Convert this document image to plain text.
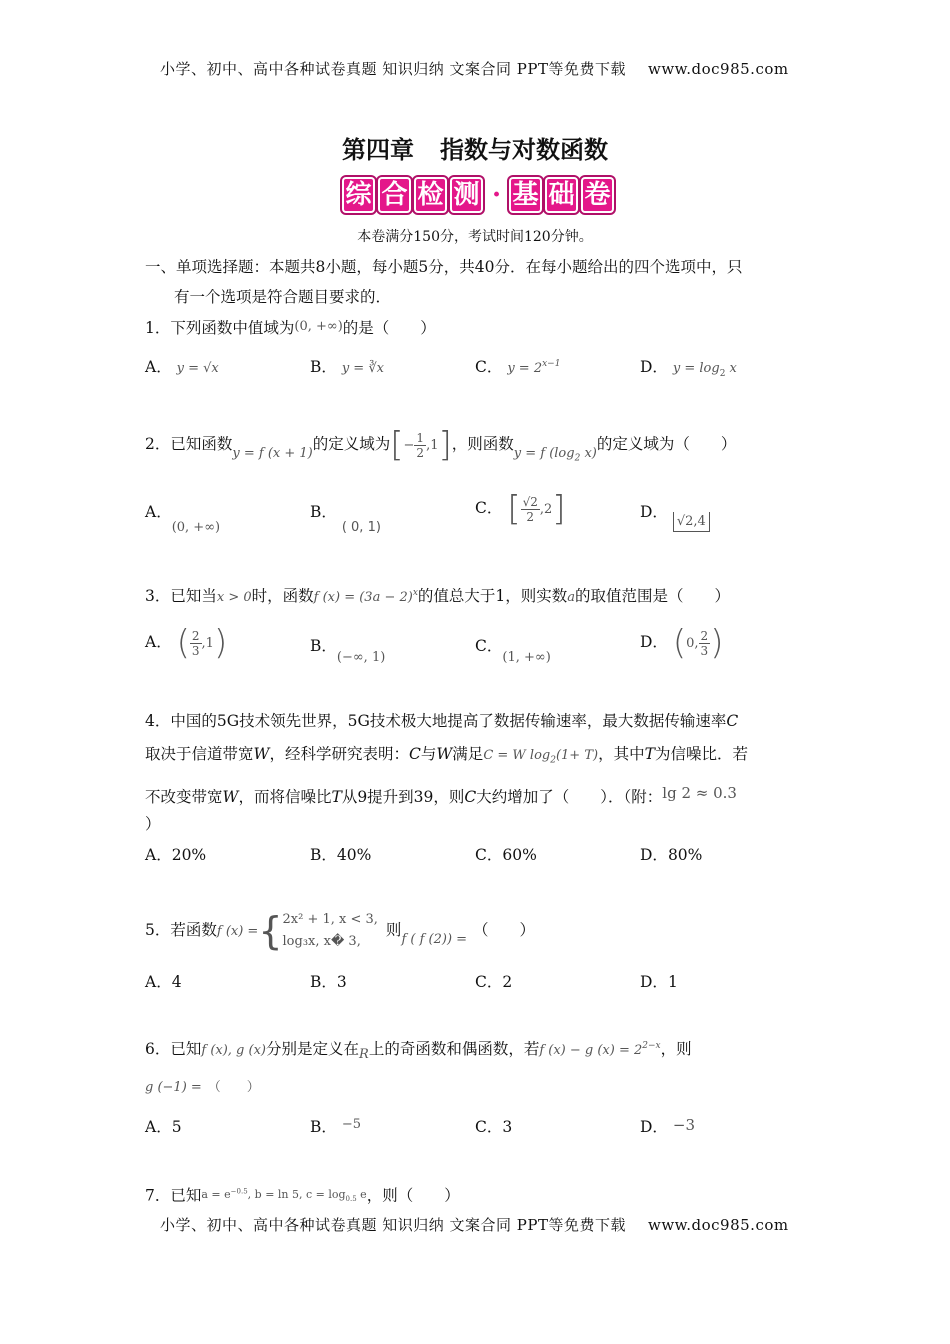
小学、初中、高中各种试卷真题 知识归纳 文案合同 PPT等免费下载 www.doc985.com
第四章 指数与对数函数
综 合 检 测 · 基 础 卷
本卷满分150分，考试时间120分钟。
一、单项选择题：本题共8小题，每小题5分，共40分．在每小题给出的四个选项中，只
有一个选项是符合题目要求的．
1．下列函数中值域为(0, +∞)的是（　　）
A． y = √x	B． y = ∛x	C． $y = 2^{x-1}$	D． $y = \log_2 x$
2．已知函数$_{y = f (x + 1)}$的定义域为[− $\frac{1}{2} ,1$]，则函数$_{y = f (log_2 x)}$的定义域为（　　）
A．$_{(0, +\infty)}$
B． $_{( 0, 1)}$
C． [ $\frac{√2}{2} ,2$]	D． $_{√2,4}$
3．已知当x > 0时，函数f $(x) = (3a - 2)^x$的值总大于1，则实数a的取值范围是（　　）
A． ( $\frac{2}{3} ,1$)	B．$_{(-\infty, 1)}$
C．$_{(1, +\infty)}$
D． (0, $\frac{2}{3}$ )
4．中国的5G技术领先世界，5G技术极大地提高了数据传输速率，最大数据传输速率C
取决于信道带宽W，经科学研究表明：C与W满足C = W $\log_2(1+ T)$，其中T为信噪比．若
不改变带宽W，而将信噪比T从9提升到39，则C大约增加了（　　）．（附：lg 2 ≈ 0.3
）
A．20%	B．40%	C．60%	D．80%
5．若函数f (x) ={ 2x² + 1, x < 3,
log₃x, x� 3,
则$_{f ( f (2)) =}$（　　）
A．4	B．3	C．2	D．1
6．已知f (x), g (x)分别是定义在$_R$上的奇函数和偶函数，若f (x) − g $(x) = 2^{2-x}$，则
g (−1) = （　　）
A．5	B． $^{-5}$	C．3	D． −3
7．已知$a = e^{-0.5}$, b = ln 5, $c = \log_{0.5} e$，则（　　）
小学、初中、高中各种试卷真题 知识归纳 文案合同 PPT等免费下载 www.doc985.com
